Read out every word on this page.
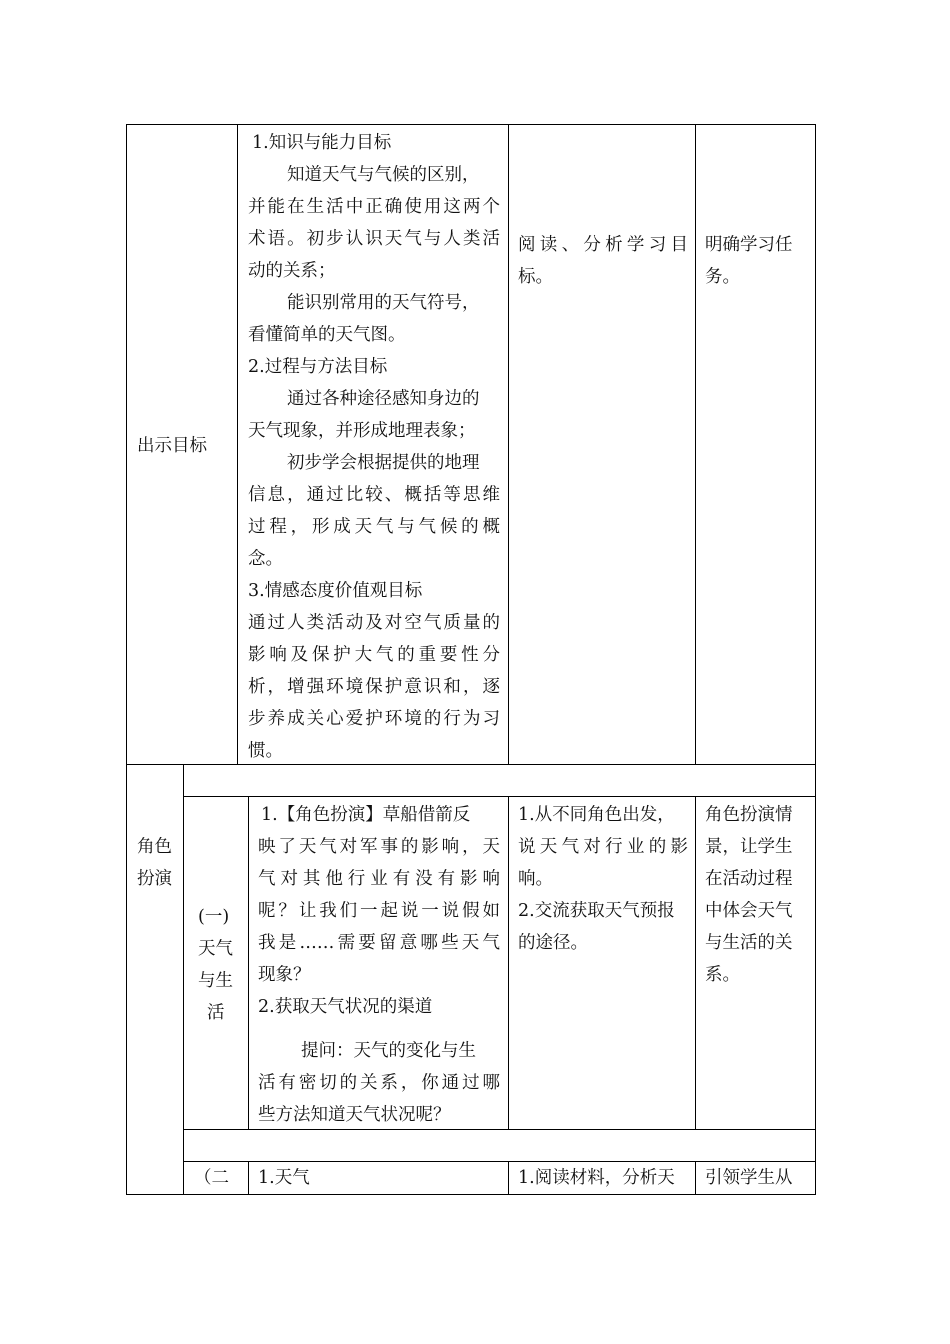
出示目标
1.知识与能力目标
知道天气与气候的区别，
并能在生活中正确使用这两个
术语。初步认识天气与人类活
动的关系；
能识别常用的天气符号，
看懂简单的天气图。
2.过程与方法目标
通过各种途径感知身边的
天气现象，并形成地理表象；
初步学会根据提供的地理
信息，通过比较、概括等思维
过程，形成天气与气候的概
念。
3.情感态度价值观目标
通过人类活动及对空气质量的
影响及保护大气的重要性分
析，增强环境保护意识和，逐
步养成关心爱护环境的行为习
惯。
阅读、分析学习目
标。
明确学习任
务。
角色
扮演
(一)
天气
与生
活
1.【角色扮演】草船借箭反
映了天气对军事的影响，天
气对其他行业有没有影响
呢？让我们一起说一说假如
我是……需要留意哪些天气
现象？
2.获取天气状况的渠道
提问：天气的变化与生
活有密切的关系，你通过哪
些方法知道天气状况呢？
1.从不同角色出发，
说天气对行业的影
响。
2.交流获取天气预报
的途径。
角色扮演情
景，让学生
在活动过程
中体会天气
与生活的关
系。
（二 1.天气	1.阅读材料，分析天 引领学生从
